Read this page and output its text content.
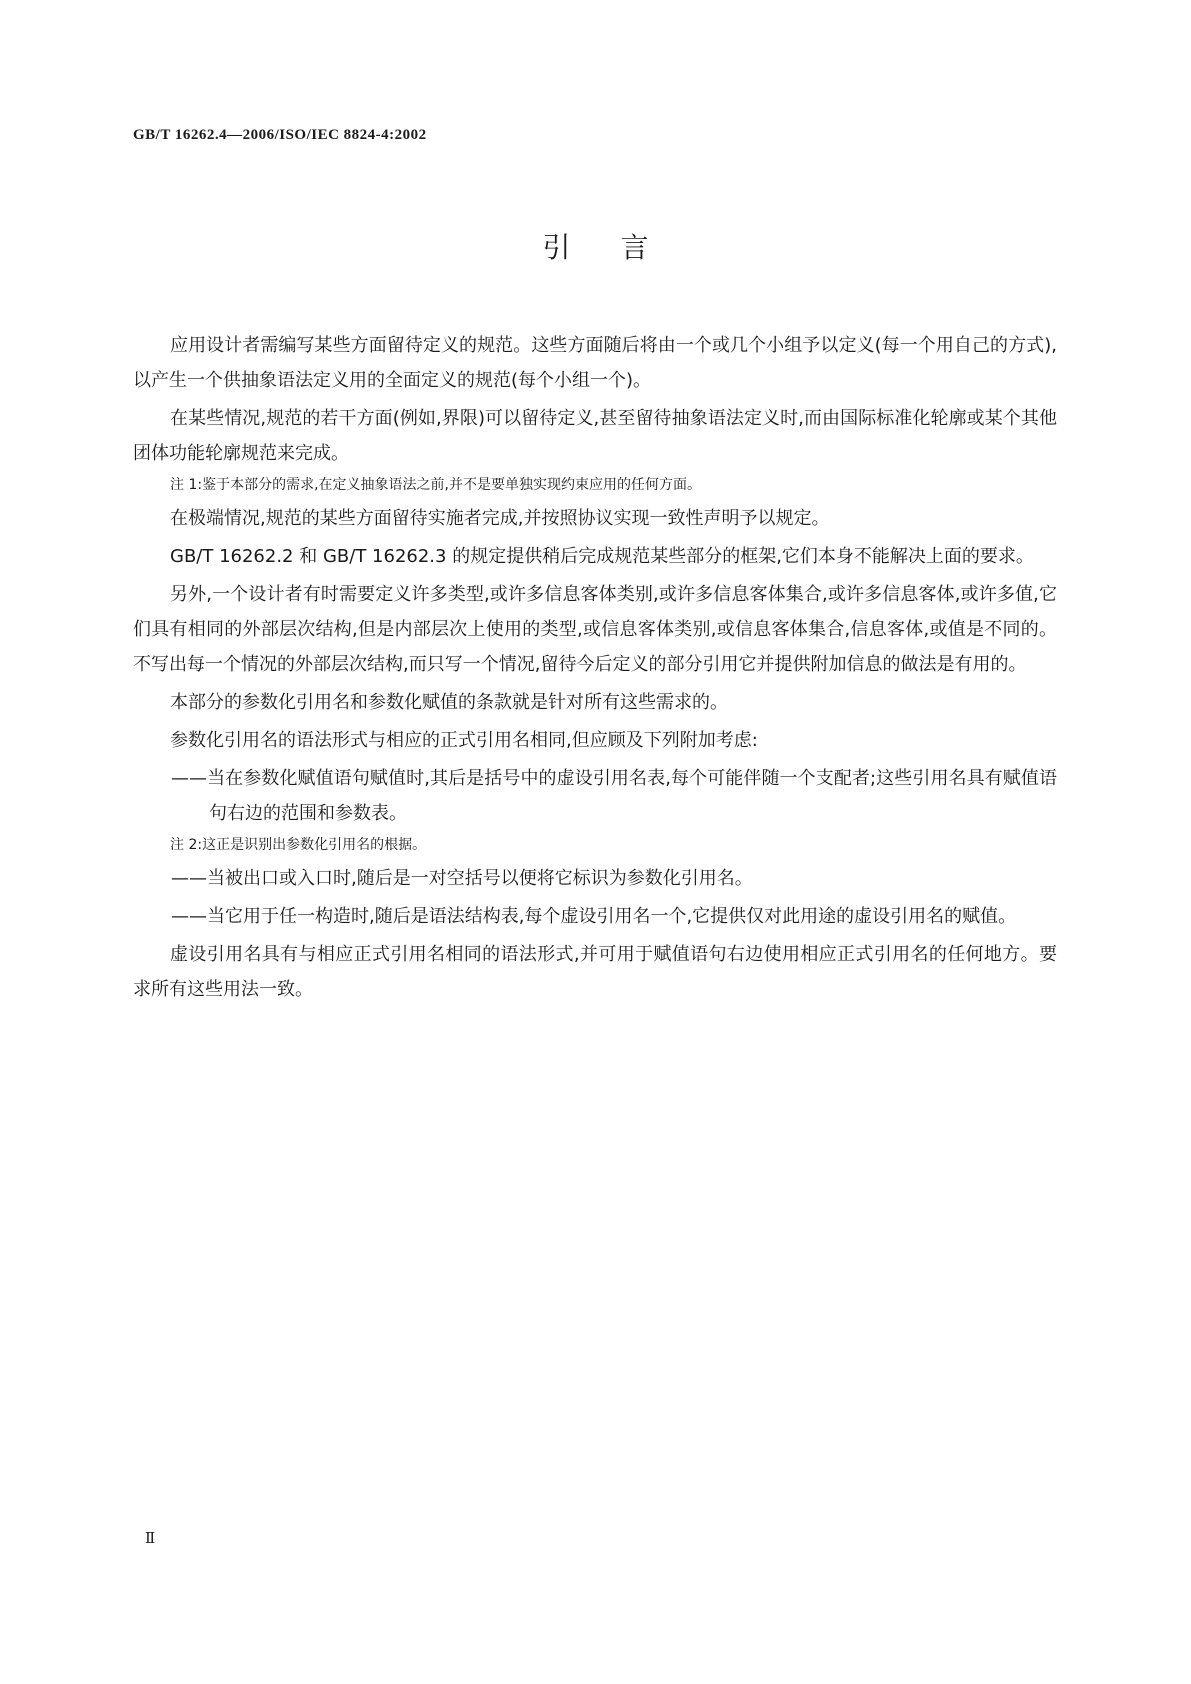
GB/T 16262.4—2006/ISO/IEC 8824-4:2002
引言

应用设计者需编写某些方面留待定义的规范。这些方面随后将由一个或几个小组予以定义(每一个用自己的方式),以产生一个供抽象语法定义用的全面定义的规范(每个小组一个)。

在某些情况,规范的若干方面(例如,界限)可以留待定义,甚至留待抽象语法定义时,而由国际标准化轮廓或某个其他团体功能轮廓规范来完成。

注 1:鉴于本部分的需求,在定义抽象语法之前,并不是要单独实现约束应用的任何方面。

在极端情况,规范的某些方面留待实施者完成,并按照协议实现一致性声明予以规定。

GB/T 16262.2 和 GB/T 16262.3 的规定提供稍后完成规范某些部分的框架,它们本身不能解决上面的要求。

另外,一个设计者有时需要定义许多类型,或许多信息客体类别,或许多信息客体集合,或许多信息客体,或许多值,它们具有相同的外部层次结构,但是内部层次上使用的类型,或信息客体类别,或信息客体集合,信息客体,或值是不同的。不写出每一个情况的外部层次结构,而只写一个情况,留待今后定义的部分引用它并提供附加信息的做法是有用的。

本部分的参数化引用名和参数化赋值的条款就是针对所有这些需求的。

参数化引用名的语法形式与相应的正式引用名相同,但应顾及下列附加考虑:

——当在参数化赋值语句赋值时,其后是括号中的虚设引用名表,每个可能伴随一个支配者;这些引用名具有赋值语句右边的范围和参数表。

注 2:这正是识别出参数化引用名的根据。

——当被出口或入口时,随后是一对空括号以便将它标识为参数化引用名。

——当它用于任一构造时,随后是语法结构表,每个虚设引用名一个,它提供仅对此用途的虚设引用名的赋值。

虚设引用名具有与相应正式引用名相同的语法形式,并可用于赋值语句右边使用相应正式引用名的任何地方。要求所有这些用法一致。

Ⅱ
